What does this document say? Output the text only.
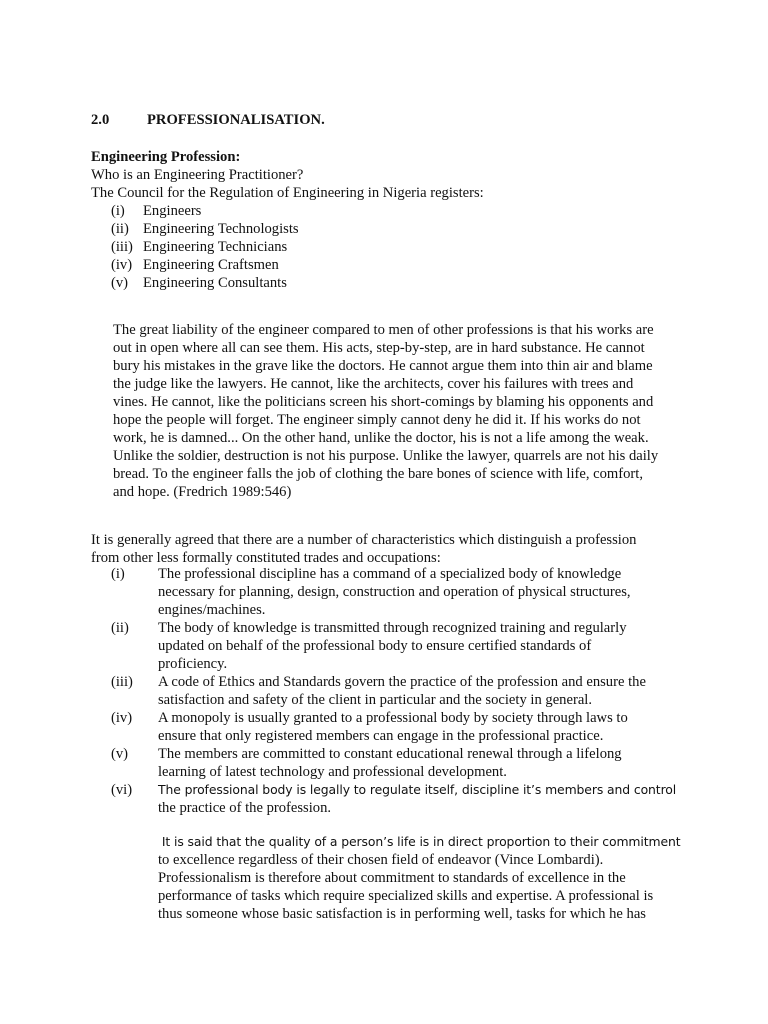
2.0	PROFESSIONALISATION.
Engineering Profession:
Who is an Engineering Practitioner?
The Council for the Regulation of Engineering in Nigeria registers:
(i) Engineers
(ii) Engineering Technologists
(iii) Engineering Technicians
(iv) Engineering Craftsmen
(v) Engineering Consultants
The great liability of the engineer compared to men of other professions is that his works are
out in open where all can see them. His acts, step-by-step, are in hard substance. He cannot
bury his mistakes in the grave like the doctors. He cannot argue them into thin air and blame
the judge like the lawyers. He cannot, like the architects, cover his failures with trees and
vines. He cannot, like the politicians screen his short-comings by blaming his opponents and
hope the people will forget. The engineer simply cannot deny he did it. If his works do not
work, he is damned... On the other hand, unlike the doctor, his is not a life among the weak.
Unlike the soldier, destruction is not his purpose. Unlike the lawyer, quarrels are not his daily
bread. To the engineer falls the job of clothing the bare bones of science with life, comfort,
and hope. (Fredrich 1989:546)
It is generally agreed that there are a number of characteristics which distinguish a profession
from other less formally constituted trades and occupations:
(i)	The professional discipline has a command of a specialized body of knowledge
necessary for planning, design, construction and operation of physical structures,
engines/machines.
(ii)	The body of knowledge is transmitted through recognized training and regularly
updated on behalf of the professional body to ensure certified standards of
proficiency.
(iii)	A code of Ethics and Standards govern the practice of the profession and ensure the
satisfaction and safety of the client in particular and the society in general.
(iv)	A monopoly is usually granted to a professional body by society through laws to
ensure that only registered members can engage in the professional practice.
(v)	The members are committed to constant educational renewal through a lifelong
learning of latest technology and professional development.
(vi)	The professional body is legally to regulate itself, discipline it’s members and control
the practice of the profession.
It is said that the quality of a person’s life is in direct proportion to their commitment
to excellence regardless of their chosen field of endeavor (Vince Lombardi).
Professionalism is therefore about commitment to standards of excellence in the
performance of tasks which require specialized skills and expertise. A professional is
thus someone whose basic satisfaction is in performing well, tasks for which he has
